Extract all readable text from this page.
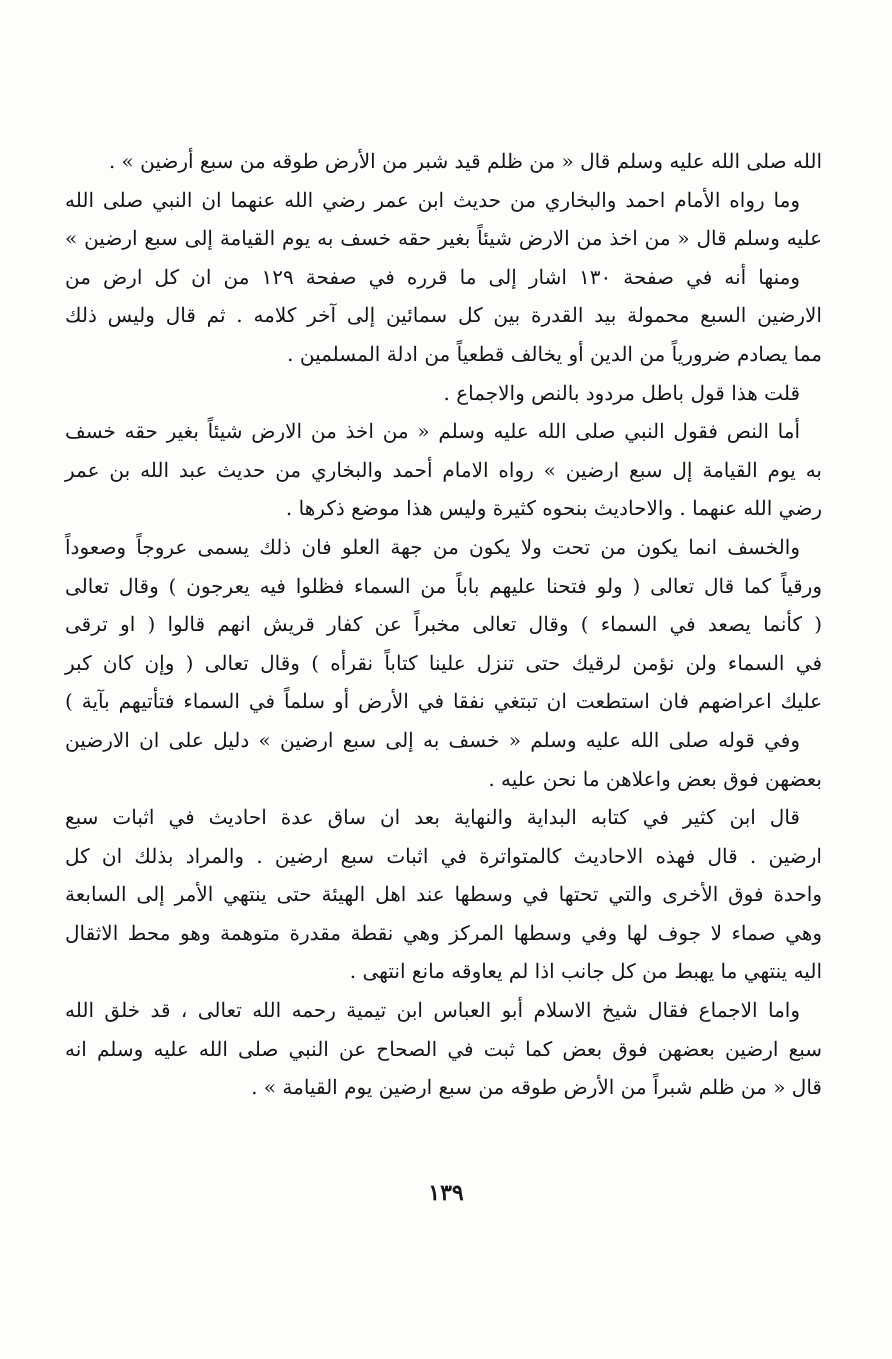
الله صلى الله عليه وسلم قال « من ظلم قيد شبر من الأرض طوقه من سبع أرضين » .
وما رواه الأمام احمد والبخاري من حديث ابن عمر رضي الله عنهما ان النبي صلى الله
عليه وسلم قال « من اخذ من الارض شيئاً بغير حقه خسف به يوم القيامة إلى سبع ارضين »
ومنها أنه في صفحة ١٣٠ اشار إلى ما قرره في صفحة ١٢٩ من ان كل ارض من
الارضين السبع محمولة بيد القدرة بين كل سمائين إلى آخر كلامه . ثم قال وليس ذلك
مما يصادم ضرورياً من الدين أو يخالف قطعياً من ادلة المسلمين .
قلت هذا قول باطل مردود بالنص والاجماع .
أما النص فقول النبي صلى الله عليه وسلم « من اخذ من الارض شيئاً بغير حقه خسف
به يوم القيامة إل سبع ارضين » رواه الامام أحمد والبخاري من حديث عبد الله بن عمر
رضي الله عنهما . والاحاديث بنحوه كثيرة وليس هذا موضع ذكرها .
والخسف انما يكون من تحت ولا يكون من جهة العلو فان ذلك يسمى عروجاً وصعوداً
ورقياً كما قال تعالى ( ولو فتحنا عليهم باباً من السماء فظلوا فيه يعرجون ) وقال تعالى
( كأنما يصعد في السماء ) وقال تعالى مخبراً عن كفار قريش انهم قالوا ( او ترقى
في السماء ولن نؤمن لرقيك حتى تنزل علينا كتاباً نقرأه ) وقال تعالى ( وإن كان كبر
عليك اعراضهم فان استطعت ان تبتغي نفقا في الأرض أو سلماً في السماء فتأتيهم بآية )
وفي قوله صلى الله عليه وسلم « خسف به إلى سبع ارضين » دليل على ان الارضين
بعضهن فوق بعض واعلاهن ما نحن عليه .
قال ابن كثير في كتابه البداية والنهاية بعد ان ساق عدة احاديث في اثبات سبع
ارضين . قال فهذه الاحاديث كالمتواترة في اثبات سبع ارضين . والمراد بذلك ان كل
واحدة فوق الأخرى والتي تحتها في وسطها عند اهل الهيئة حتى ينتهي الأمر إلى السابعة
وهي صماء لا جوف لها وفي وسطها المركز وهي نقطة مقدرة متوهمة وهو محط الاثقال
اليه ينتهي ما يهبط من كل جانب اذا لم يعاوقه مانع انتهى .
واما الاجماع فقال شيخ الاسلام أبو العباس ابن تيمية رحمه الله تعالى ، قد خلق الله
سبع ارضين بعضهن فوق بعض كما ثبت في الصحاح عن النبي صلى الله عليه وسلم انه
قال « من ظلم شبراً من الأرض طوقه من سبع ارضين يوم القيامة » .
١٣٩
